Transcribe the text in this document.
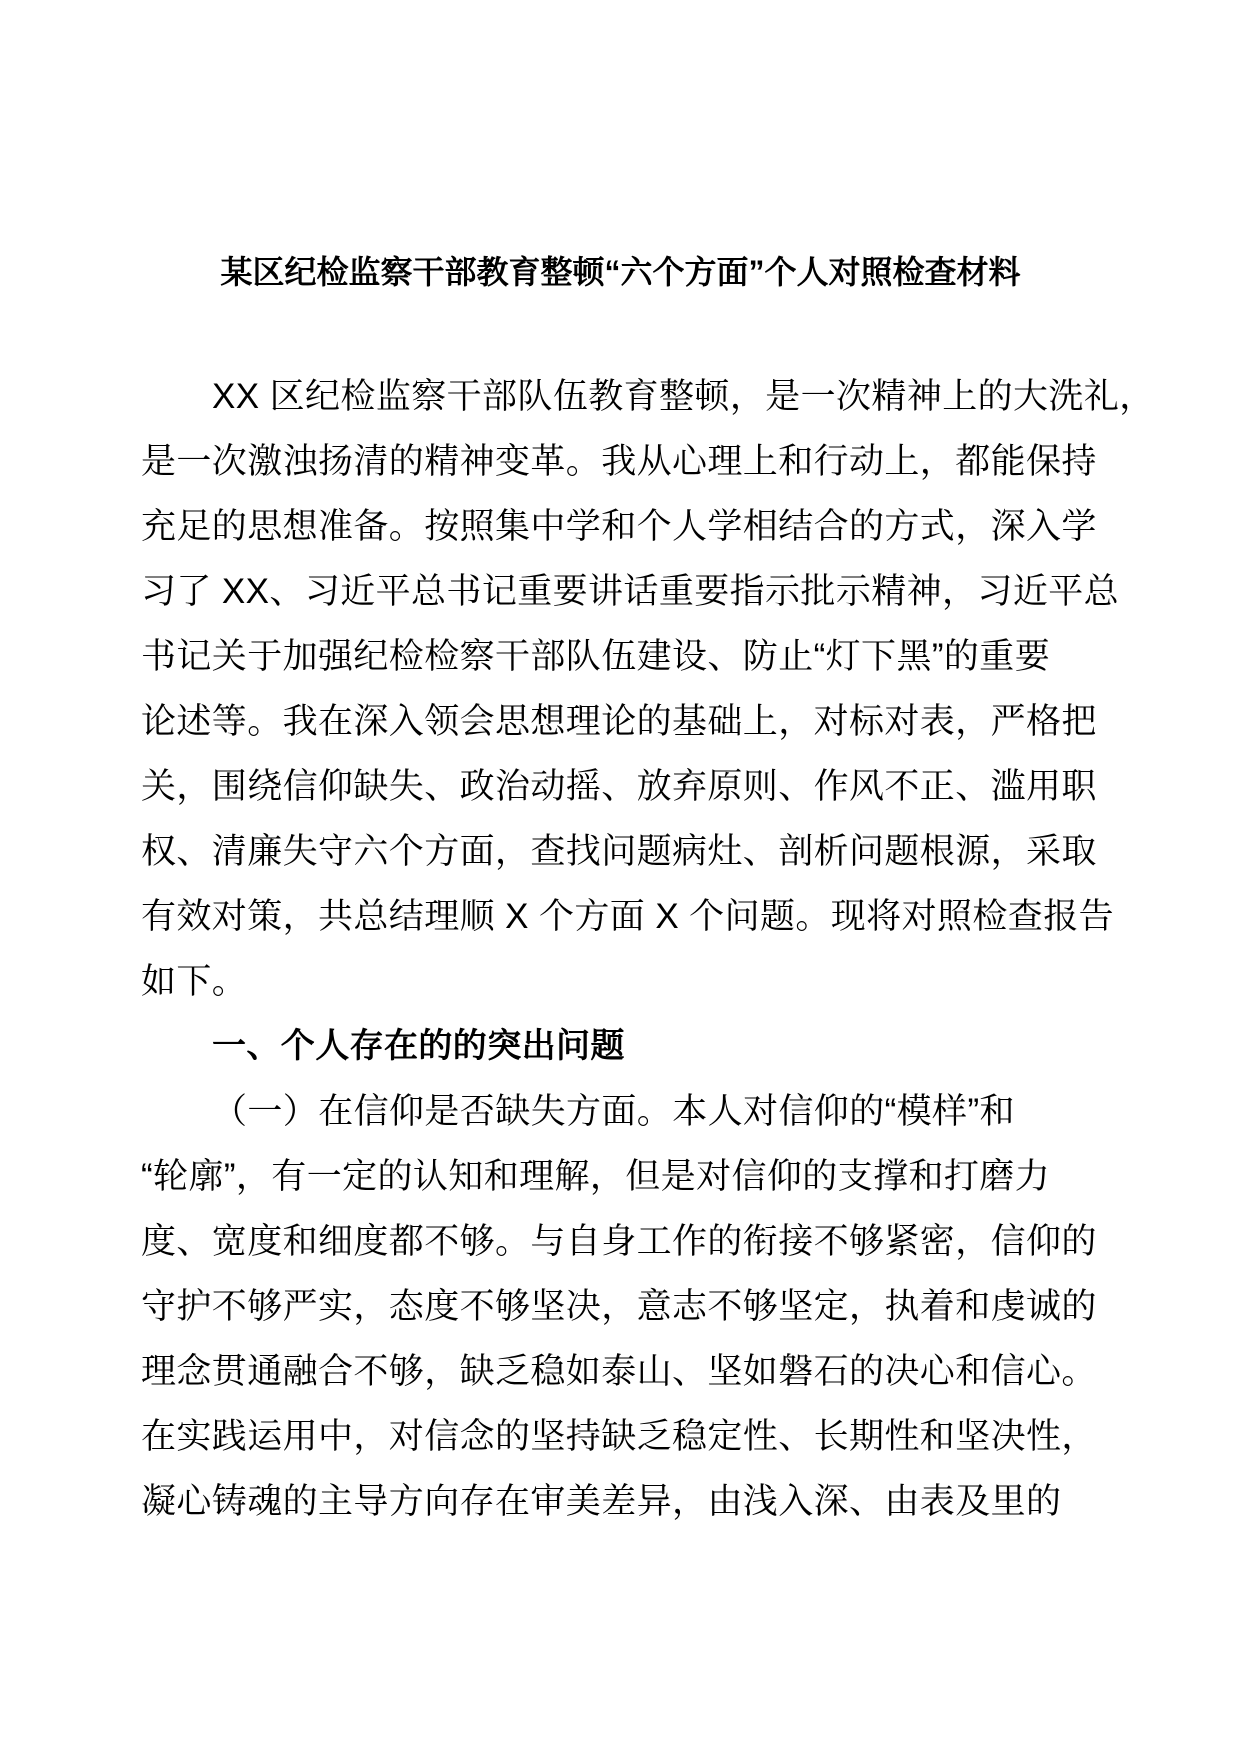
某区纪检监察干部教育整顿“六个方面”个人对照检查材料
XX 区纪检监察干部队伍教育整顿，是一次精神上的大洗礼，
是一次激浊扬清的精神变革。我从心理上和行动上，都能保持
充足的思想准备。按照集中学和个人学相结合的方式，深入学
习了 XX、习近平总书记重要讲话重要指示批示精神，习近平总
书记关于加强纪检检察干部队伍建设、防止“灯下黑”的重要
论述等。我在深入领会思想理论的基础上，对标对表，严格把
关，围绕信仰缺失、政治动摇、放弃原则、作风不正、滥用职
权、清廉失守六个方面，查找问题病灶、剖析问题根源，采取
有效对策，共总结理顺 X 个方面 X 个问题。现将对照检查报告
如下。
一、个人存在的的突出问题
（一）在信仰是否缺失方面。本人对信仰的“模样”和
“轮廓”，有一定的认知和理解，但是对信仰的支撑和打磨力
度、宽度和细度都不够。与自身工作的衔接不够紧密，信仰的
守护不够严实，态度不够坚决，意志不够坚定，执着和虔诚的
理念贯通融合不够，缺乏稳如泰山、坚如磐石的决心和信心。
在实践运用中，对信念的坚持缺乏稳定性、长期性和坚决性，
凝心铸魂的主导方向存在审美差异，由浅入深、由表及里的
